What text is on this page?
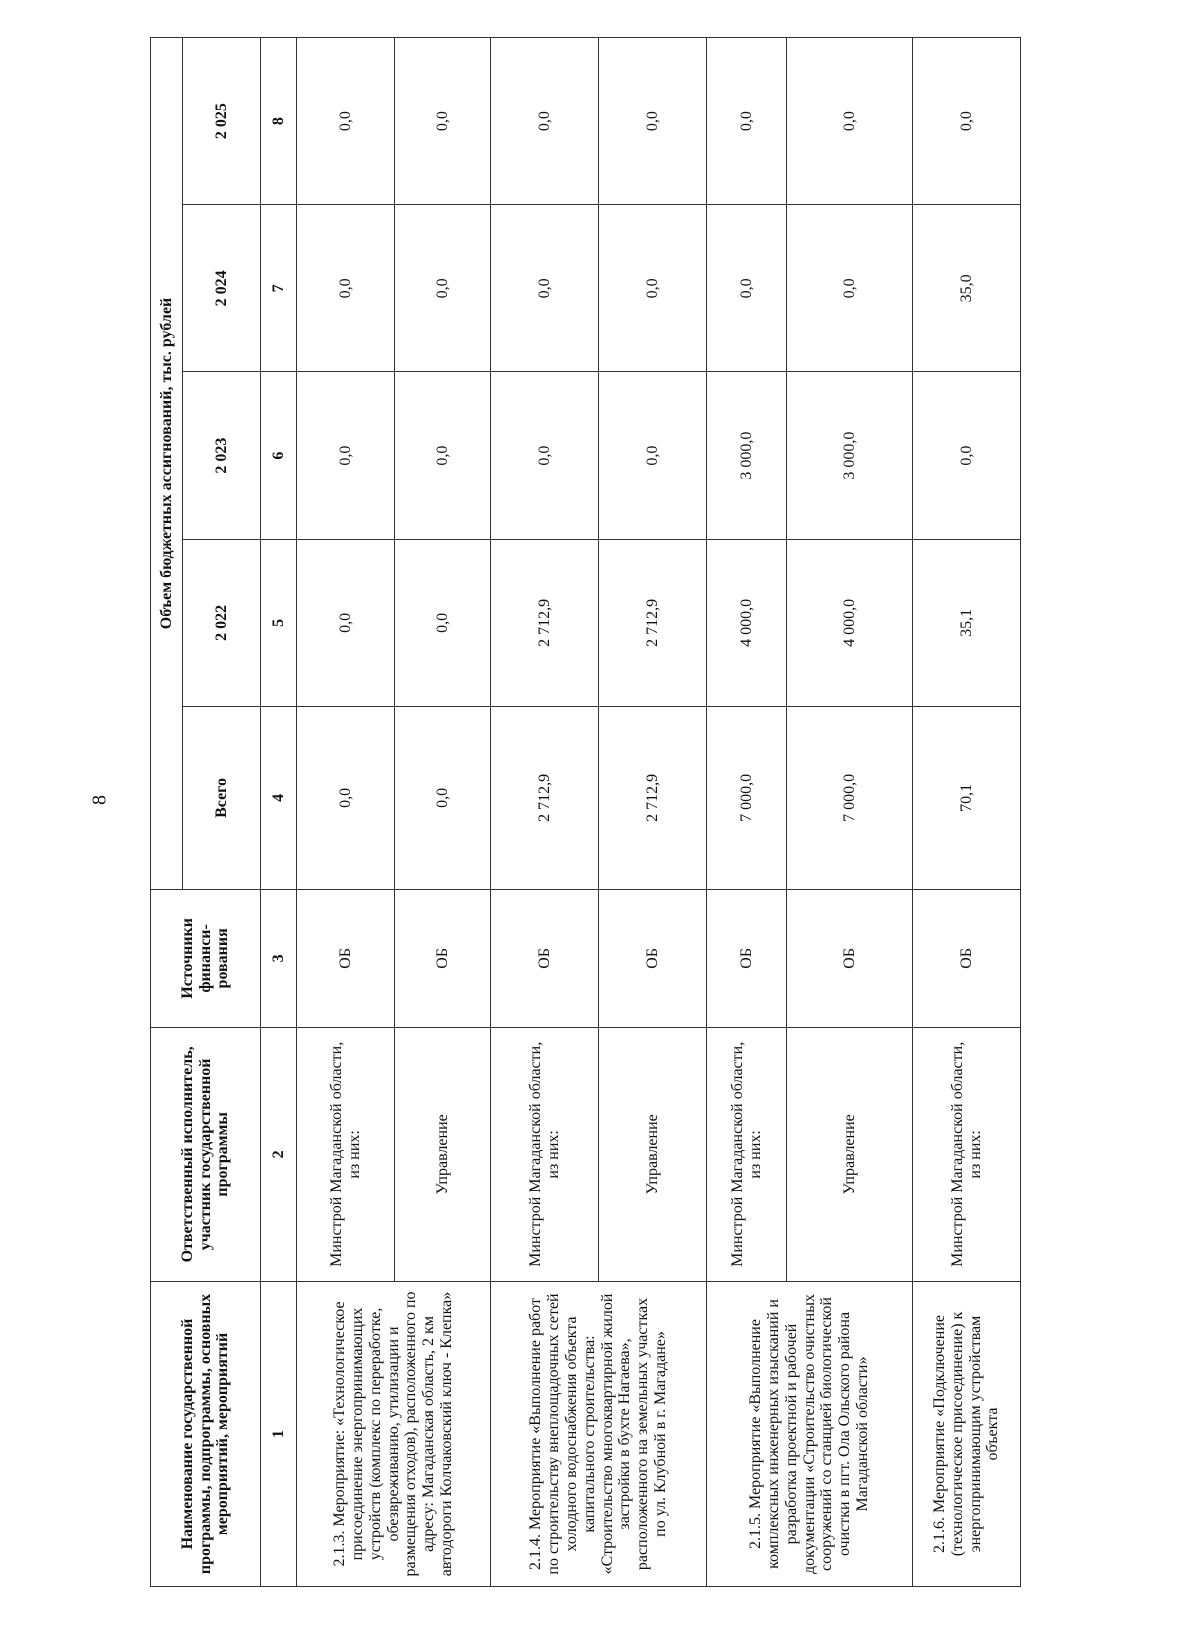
8
Наименование государственной программы, подпрограммы, основных мероприятий, мероприятий	Ответственный исполнитель, участник государственной программы	Источники финанси-рования	Объем бюджетных ассигнований, тыс. рублей				
			Всего	2 022	2 023	2 024	2 025
1	2	3	4	5	6	7	8
2.1.3. Мероприятие: «Технологическое присоединение энергопринимающих устройств (комплекс по переработке, обезвреживанию, утилизации и размещения отходов), расположенного по адресу: Магаданская область, 2 км автодороги Колчаковский ключ - Клепка»	Минстрой Магаданской области, из них:	ОБ	0,0	0,0	0,0	0,0	0,0
	Управление	ОБ	0,0	0,0	0,0	0,0	0,0
2.1.4. Мероприятие «Выполнение работ по строительству внеплощадочных сетей холодного водоснабжения объекта капитального строительства: «Строительство многоквартирной жилой застройки в бухте Нагаева», расположенного на земельных участках по ул. Клубной в г. Магадане»	Минстрой Магаданской области, из них:	ОБ	2 712,9	2 712,9	0,0	0,0	0,0
	Управление	ОБ	2 712,9	2 712,9	0,0	0,0	0,0
2.1.5. Мероприятие «Выполнение комплексных инженерных изысканий и разработка проектной и рабочей документации «Строительство очистных сооружений со станцией биологической очистки в пгт. Ола Ольского района Магаданской области»	Минстрой Магаданской области, из них:	ОБ	7 000,0	4 000,0	3 000,0	0,0	0,0
	Управление	ОБ	7 000,0	4 000,0	3 000,0	0,0	0,0
2.1.6. Мероприятие «Подключение (технологическое присоединение) к энергопринимающим устройствам объекта	Минстрой Магаданской области, из них:	ОБ	70,1	35,1	0,0	35,0	0,0
